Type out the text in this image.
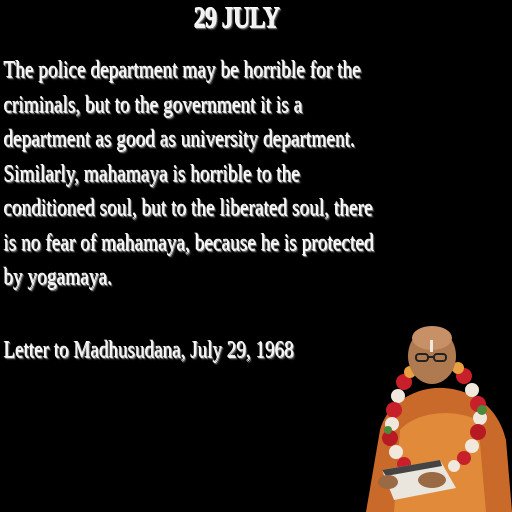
29 JULY
The police department may be horrible for the
criminals, but to the government it is a
department as good as university department.
Similarly, mahamaya is horrible to the
conditioned soul, but to the liberated soul, there
is no fear of mahamaya, because he is protected
by yogamaya.
Letter to Madhusudana, July 29, 1968
